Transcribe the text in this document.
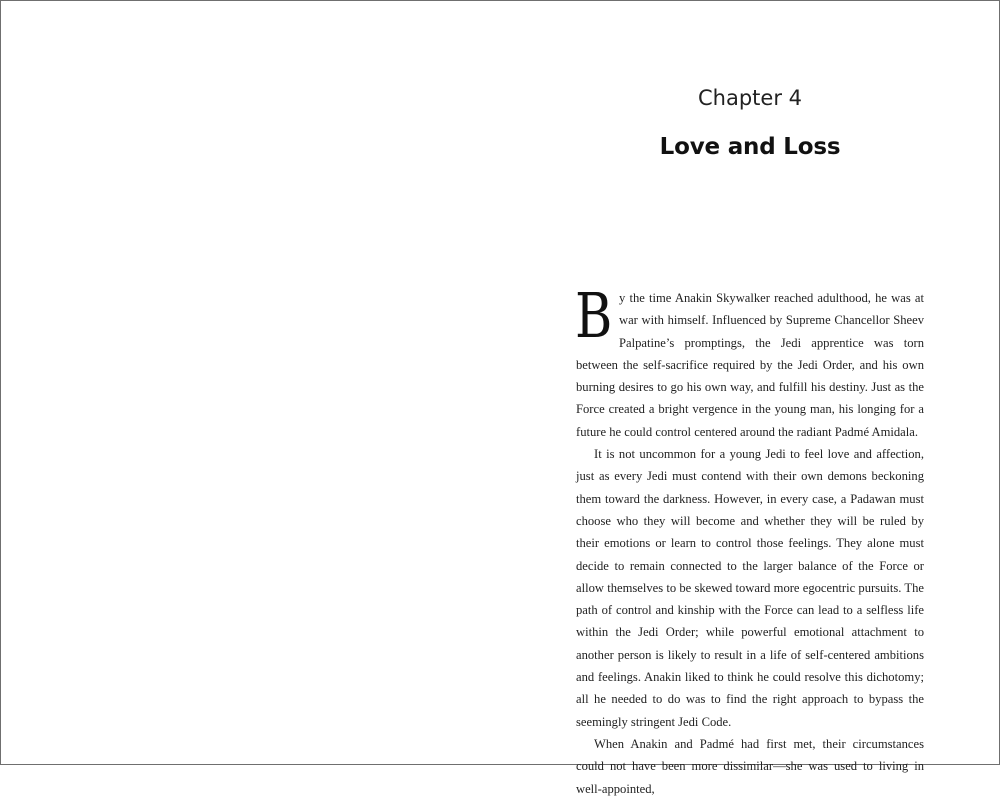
Chapter 4
Love and Loss

By the time Anakin Skywalker reached adulthood, he was at war with himself. Influenced by Supreme Chancellor Sheev Palpatine’s promptings, the Jedi apprentice was torn between the self-sacrifice required by the Jedi Order, and his own burning desires to go his own way, and fulfill his destiny. Just as the Force created a bright vergence in the young man, his longing for a future he could control centered around the radiant Padmé Amidala.

It is not uncommon for a young Jedi to feel love and affection, just as every Jedi must contend with their own demons beckoning them toward the darkness. However, in every case, a Padawan must choose who they will become and whether they will be ruled by their emotions or learn to control those feelings. They alone must decide to remain connected to the larger balance of the Force or allow themselves to be skewed toward more egocentric pursuits. The path of control and kinship with the Force can lead to a selfless life within the Jedi Order; while powerful emotional attachment to another person is likely to result in a life of self-centered ambitions and feelings. Anakin liked to think he could resolve this dichotomy; all he needed to do was to find the right approach to bypass the seemingly stringent Jedi Code.

When Anakin and Padmé had first met, their circumstances could not have been more dissimilar—she was used to living in well-appointed,
